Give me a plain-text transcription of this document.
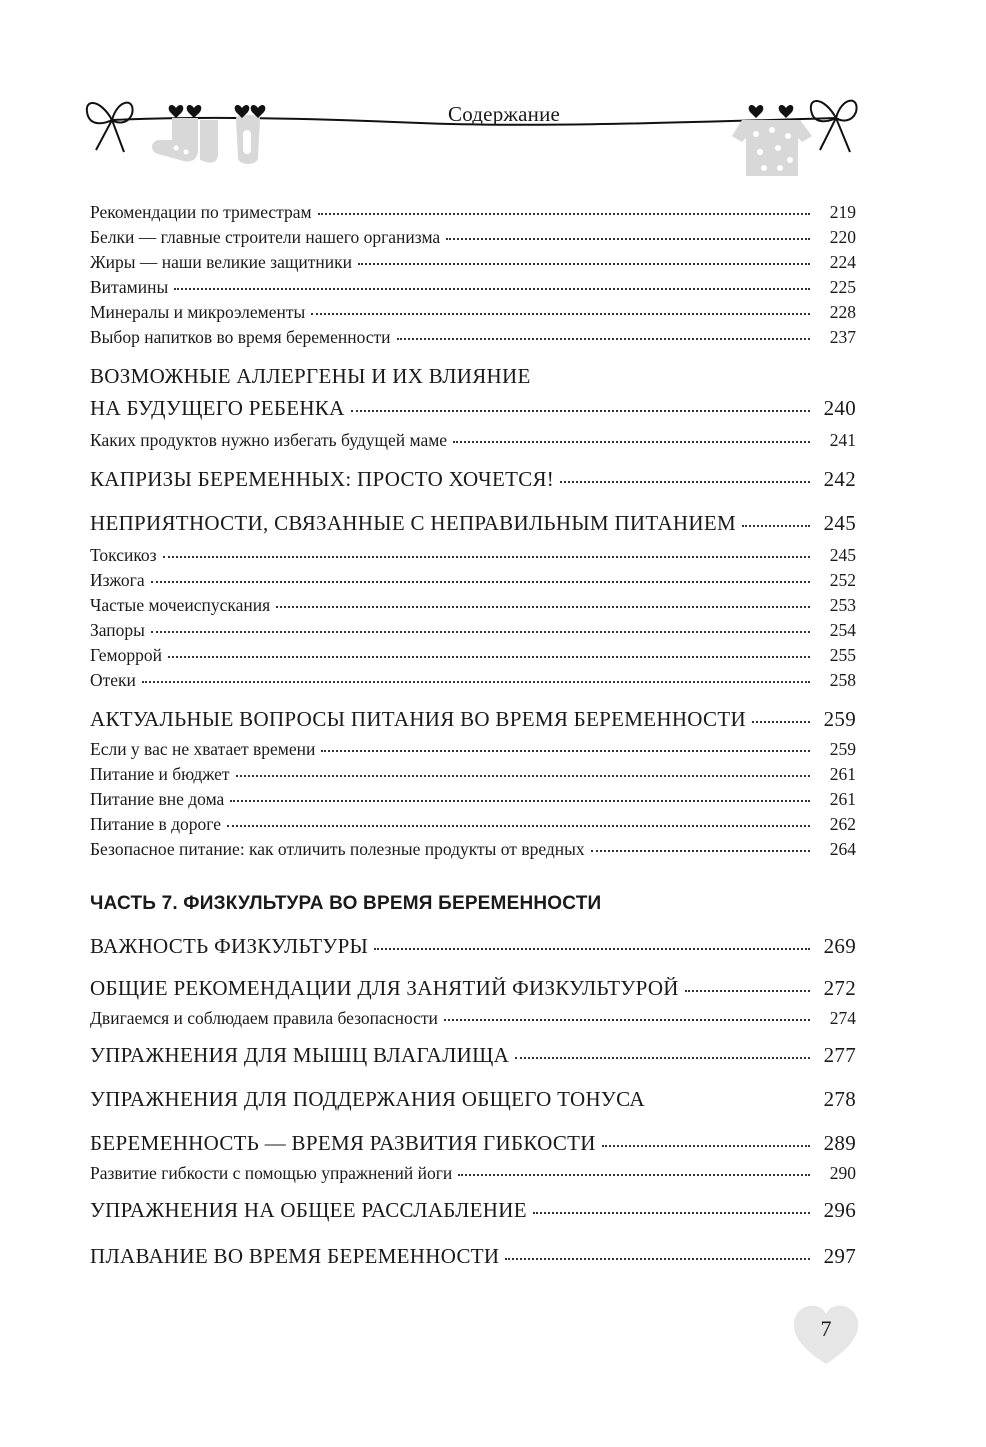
Содержание
Рекомендации по триместрам	219
Белки — главные строители нашего организма	220
Жиры — наши великие защитники	224
Витамины	225
Минералы и микроэлементы	228
Выбор напитков во время беременности	237
ВОЗМОЖНЫЕ АЛЛЕРГЕНЫ И ИХ ВЛИЯНИЕ
НА БУДУЩЕГО РЕБЕНКА	240
Каких продуктов нужно избегать будущей маме	241
КАПРИЗЫ БЕРЕМЕННЫХ: ПРОСТО ХОЧЕТСЯ!	242
НЕПРИЯТНОСТИ, СВЯЗАННЫЕ С НЕПРАВИЛЬНЫМ ПИТАНИЕМ	245
Токсикоз	245
Изжога	252
Частые мочеиспускания	253
Запоры	254
Геморрой	255
Отеки	258
АКТУАЛЬНЫЕ ВОПРОСЫ ПИТАНИЯ ВО ВРЕМЯ БЕРЕМЕННОСТИ	259
Если у вас не хватает времени	259
Питание и бюджет	261
Питание вне дома	261
Питание в дороге	262
Безопасное питание: как отличить полезные продукты от вредных	264
ЧАСТЬ 7. ФИЗКУЛЬТУРА ВО ВРЕМЯ БЕРЕМЕННОСТИ
ВАЖНОСТЬ ФИЗКУЛЬТУРЫ	269
ОБЩИЕ РЕКОМЕНДАЦИИ ДЛЯ ЗАНЯТИЙ ФИЗКУЛЬТУРОЙ	272
Двигаемся и соблюдаем правила безопасности	274
УПРАЖНЕНИЯ ДЛЯ МЫШЦ ВЛАГАЛИЩА	277
УПРАЖНЕНИЯ ДЛЯ ПОДДЕРЖАНИЯ ОБЩЕГО ТОНУСА	278
БЕРЕМЕННОСТЬ — ВРЕМЯ РАЗВИТИЯ ГИБКОСТИ	289
Развитие гибкости с помощью упражнений йоги	290
УПРАЖНЕНИЯ НА ОБЩЕЕ РАССЛАБЛЕНИЕ	296
ПЛАВАНИЕ ВО ВРЕМЯ БЕРЕМЕННОСТИ	297
7
